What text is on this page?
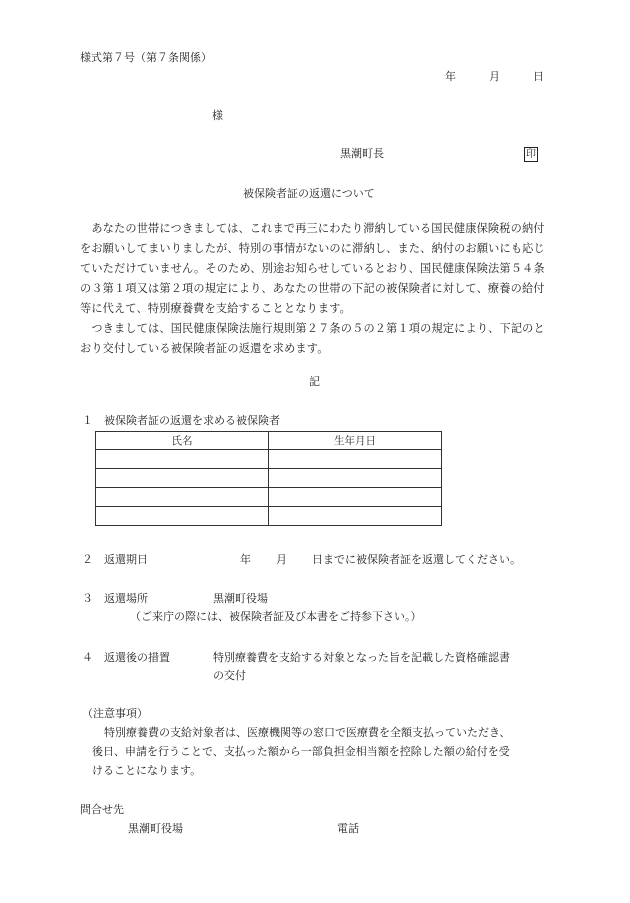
様式第７号（第７条関係）
年	月	日
様
黒潮町長	印
被保険者証の返還について
　あなたの世帯につきましては、これまで再三にわたり滞納している国民健康保険税の納付をお願いしてまいりましたが、特別の事情がないのに滞納し、また、納付のお願いにも応じていただけていません。そのため、別途お知らせしているとおり、国民健康保険法第５４条の３第１項又は第２項の規定により、あなたの世帯の下記の被保険者に対して、療養の給付等に代えて、特別療養費を支給することとなります。
　つきましては、国民健康保険法施行規則第２７条の５の２第１項の規定により、下記のとおり交付している被保険者証の返還を求めます。
記
１ 被保険者証の返還を求める被保険者
氏名	生年月日

２ 返還期日	年 月 日までに被保険者証を返還してください。
３ 返還場所	黒潮町役場
（ご来庁の際には、被保険者証及び本書をご持参下さい。）
４ 返還後の措置	特別療養費を支給する対象となった旨を記載した資格確認書
の交付
（注意事項）
特別療養費の支給対象者は、医療機関等の窓口で医療費を全額支払っていただき、
後日、申請を行うことで、支払った額から一部負担金相当額を控除した額の給付を受
けることになります。
問合せ先
黒潮町役場	電話
